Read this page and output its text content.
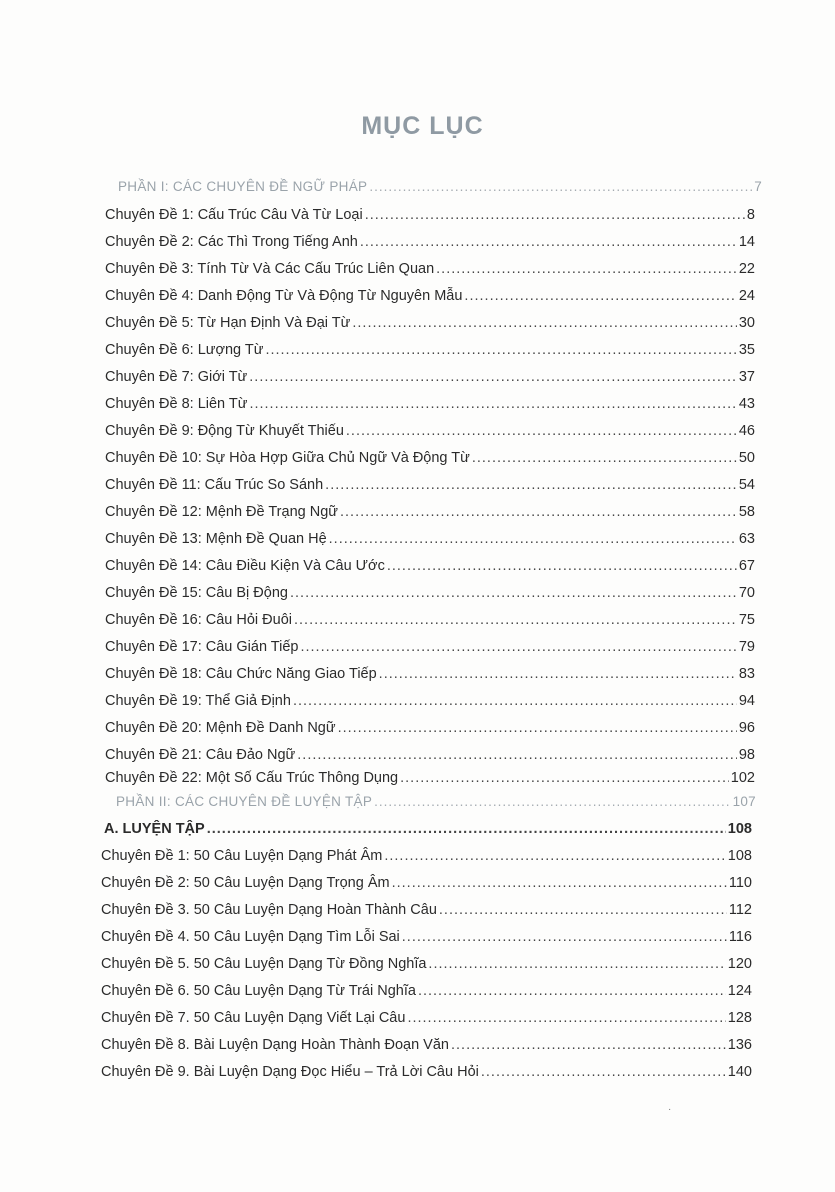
MỤC LỤC
PHẦN I: CÁC CHUYÊN ĐỀ NGỮ PHÁP .....	7
Chuyên Đề 1: Cấu Trúc Câu Và Từ Loại .....	8
Chuyên Đề 2: Các Thì Trong Tiếng Anh .....	14
Chuyên Đề 3: Tính Từ Và Các Cấu Trúc Liên Quan .....	22
Chuyên Đề 4: Danh Động Từ Và Động Từ Nguyên Mẫu .....	24
Chuyên Đề 5: Từ Hạn Định Và Đại Từ .....	30
Chuyên Đề 6: Lượng Từ .....	35
Chuyên Đề 7: Giới Từ .....	37
Chuyên Đề 8: Liên Từ .....	43
Chuyên Đề 9: Động Từ Khuyết Thiếu .....	46
Chuyên Đề 10: Sự Hòa Hợp Giữa Chủ Ngữ Và Động Từ .....	50
Chuyên Đề 11: Cấu Trúc So Sánh .....	54
Chuyên Đề 12: Mệnh Đề Trạng Ngữ .....	58
Chuyên Đề 13: Mệnh Đề Quan Hệ .....	63
Chuyên Đề 14: Câu Điều Kiện Và Câu Ước .....	67
Chuyên Đề 15: Câu Bị Động .....	70
Chuyên Đề 16: Câu Hỏi Đuôi .....	75
Chuyên Đề 17: Câu Gián Tiếp .....	79
Chuyên Đề 18: Câu Chức Năng Giao Tiếp .....	83
Chuyên Đề 19: Thể Giả Định .....	94
Chuyên Đề 20: Mệnh Đề Danh Ngữ .....	96
Chuyên Đề 21: Câu Đảo Ngữ .....	98
Chuyên Đề 22: Một Số Cấu Trúc Thông Dụng .....	102
PHẦN II: CÁC CHUYÊN ĐỀ LUYỆN TẬP .....	107
A. LUYỆN TẬP .....	108
Chuyên Đề 1: 50 Câu Luyện Dạng Phát Âm .....	108
Chuyên Đề 2: 50 Câu Luyện Dạng Trọng Âm .....	110
Chuyên Đề 3. 50 Câu Luyện Dạng Hoàn Thành Câu .....	112
Chuyên Đề 4. 50 Câu Luyện Dạng Tìm Lỗi Sai .....	116
Chuyên Đề 5. 50 Câu Luyện Dạng Từ Đồng Nghĩa .....	120
Chuyên Đề 6. 50 Câu Luyện Dạng Từ Trái Nghĩa .....	124
Chuyên Đề 7. 50 Câu Luyện Dạng Viết Lại Câu .....	128
Chuyên Đề 8. Bài Luyện Dạng Hoàn Thành Đoạn Văn .....	136
Chuyên Đề 9. Bài Luyện Dạng Đọc Hiểu – Trả Lời Câu Hỏi .....	140
·
